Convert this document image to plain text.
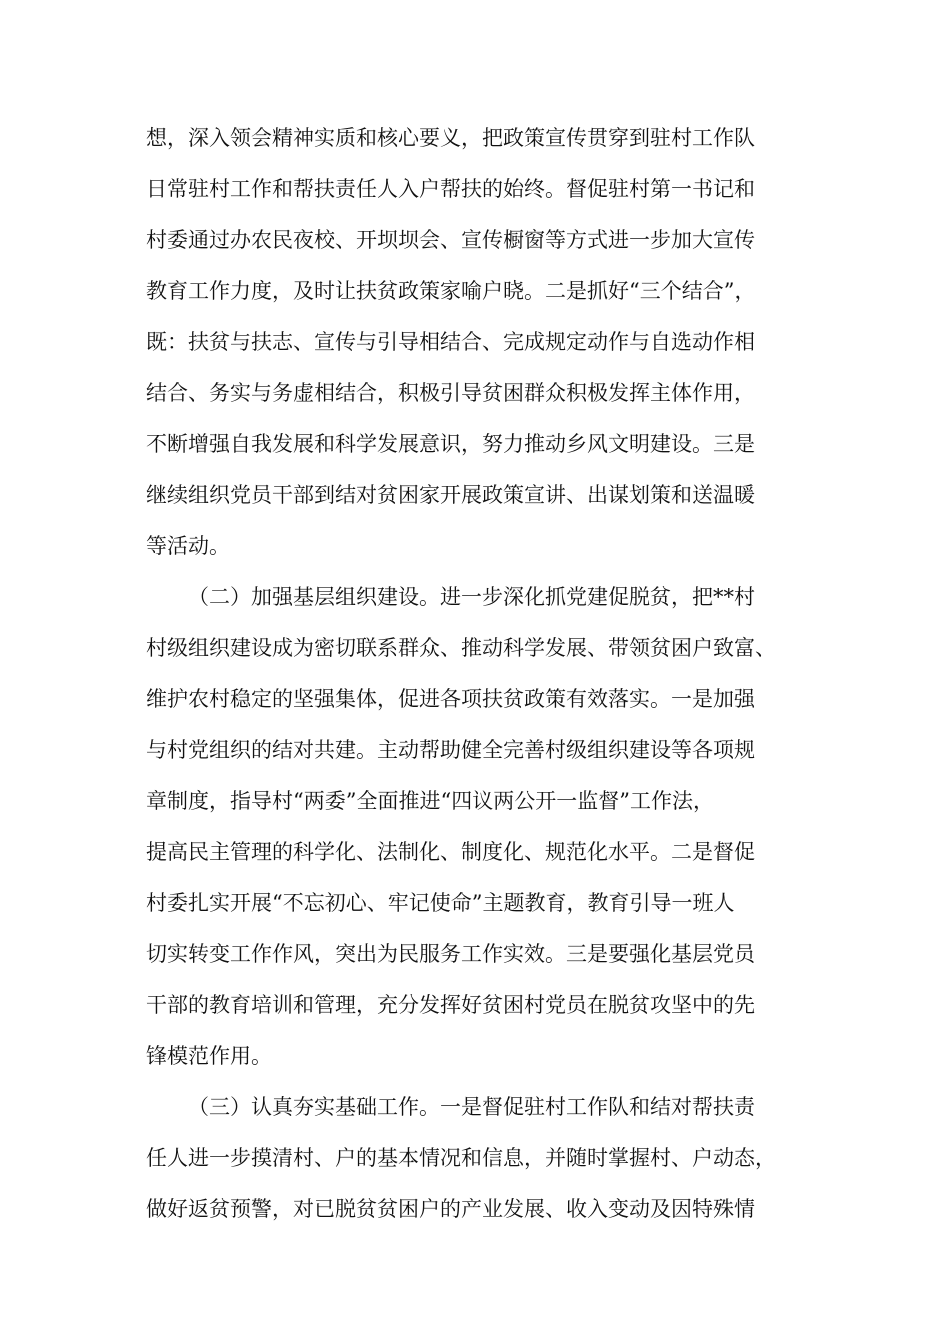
想，深入领会精神实质和核心要义，把政策宣传贯穿到驻村工作队
日常驻村工作和帮扶责任人入户帮扶的始终。督促驻村第一书记和
村委通过办农民夜校、开坝坝会、宣传橱窗等方式进一步加大宣传
教育工作力度，及时让扶贫政策家喻户晓。二是抓好“三个结合”，
既：扶贫与扶志、宣传与引导相结合、完成规定动作与自选动作相
结合、务实与务虚相结合，积极引导贫困群众积极发挥主体作用，
不断增强自我发展和科学发展意识，努力推动乡风文明建设。三是
继续组织党员干部到结对贫困家开展政策宣讲、出谋划策和送温暖
等活动。
（二）加强基层组织建设。进一步深化抓党建促脱贫，把**村
村级组织建设成为密切联系群众、推动科学发展、带领贫困户致富、
维护农村稳定的坚强集体，促进各项扶贫政策有效落实。一是加强
与村党组织的结对共建。主动帮助健全完善村级组织建设等各项规
章制度，指导村“两委”全面推进“四议两公开一监督”工作法，
提高民主管理的科学化、法制化、制度化、规范化水平。二是督促
村委扎实开展“不忘初心、牢记使命”主题教育，教育引导一班人
切实转变工作作风，突出为民服务工作实效。三是要强化基层党员
干部的教育培训和管理，充分发挥好贫困村党员在脱贫攻坚中的先
锋模范作用。
（三）认真夯实基础工作。一是督促驻村工作队和结对帮扶责
任人进一步摸清村、户的基本情况和信息，并随时掌握村、户动态，
做好返贫预警，对已脱贫贫困户的产业发展、收入变动及因特殊情
